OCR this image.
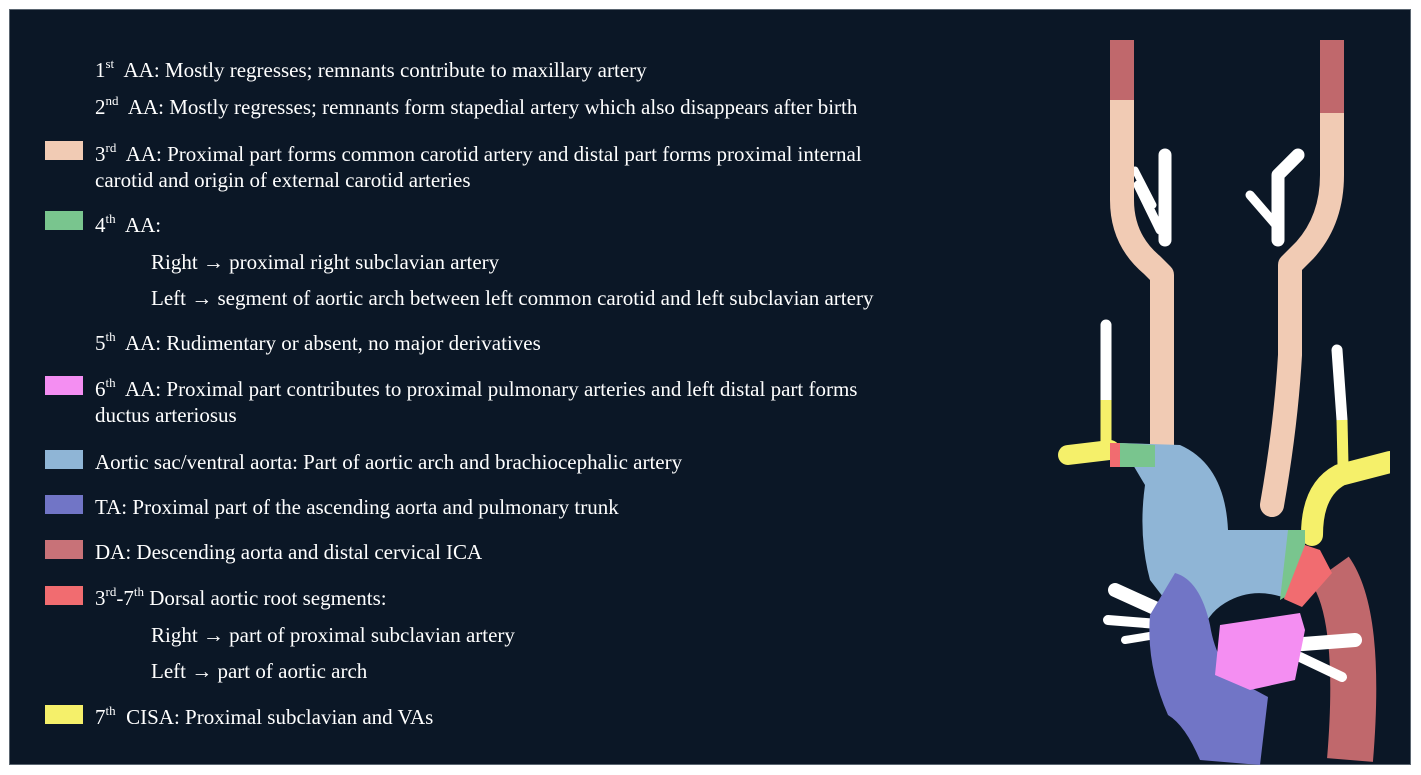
1st AA: Mostly regresses; remnants contribute to maxillary artery
2nd AA: Mostly regresses; remnants form stapedial artery which also disappears after birth
3rd AA: Proximal part forms common carotid artery and distal part forms proximal internal
carotid and origin of external carotid arteries
4th AA:
Right → proximal right subclavian artery
Left → segment of aortic arch between left common carotid and left subclavian artery
5th AA: Rudimentary or absent, no major derivatives
6th AA: Proximal part contributes to proximal pulmonary arteries and left distal part forms
ductus arteriosus
Aortic sac/ventral aorta: Part of aortic arch and brachiocephalic artery
TA: Proximal part of the ascending aorta and pulmonary trunk
DA: Descending aorta and distal cervical ICA
3rd-7th Dorsal aortic root segments:
Right → part of proximal subclavian artery
Left → part of aortic arch
7th CISA: Proximal subclavian and VAs
